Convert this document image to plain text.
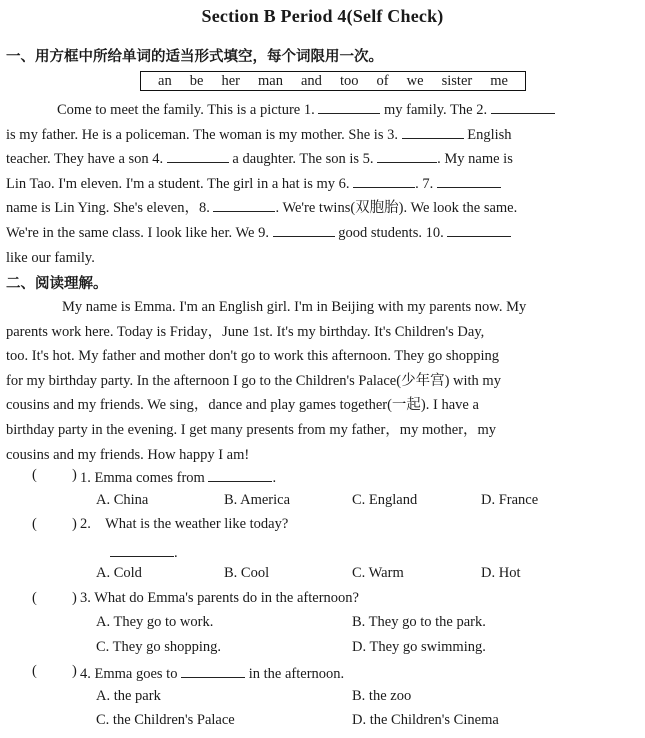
Section B Period 4(Self Check)
一、用方框中所给单词的适当形式填空，每个词限用一次。
an be her man and too of we sister me
Come to meet the family. This is a picture 1.	my family. The 2.
is my father. He is a policeman. The woman is my mother. She is 3.	English
teacher. They have a son 4.	a daughter. The son is 5.	. My name is
Lin Tao. I'm eleven. I'm a student. The girl in a hat is my 6.	. 7.
name is Lin Ying. She's eleven，8.	. We're twins(双胞胎). We look the same.
We're in the same class. I look like her. We 9.	good students. 10.
like our family.
二、阅读理解。
My name is Emma. I'm an English girl. I'm in Beijing with my parents now. My
parents work here. Today is Friday，June 1st. It's my birthday. It's Children's Day,
too. It's hot. My father and mother don't go to work this afternoon. They go shopping
for my birthday party. In the afternoon I go to the Children's Palace(少年宫) with my
cousins and my friends. We sing，dance and play games together(一起). I have a
birthday party in the evening. I get many presents from my father，my mother，my
cousins and my friends. How happy I am!
( ) 1. Emma comes from	.
A. China	B. America	C. England	D. France
( ) 2.    What is the weather like today?
.
A. Cold	B. Cool	C. Warm	D. Hot
( ) 3. What do Emma's parents do in the afternoon?
A. They go to work.	B. They go to the park.
C. They go shopping.	D. They go swimming.
( ) 4. Emma goes to	in the afternoon.
A. the park	B. the zoo
C. the Children's Palace	D. the Children's Cinema
